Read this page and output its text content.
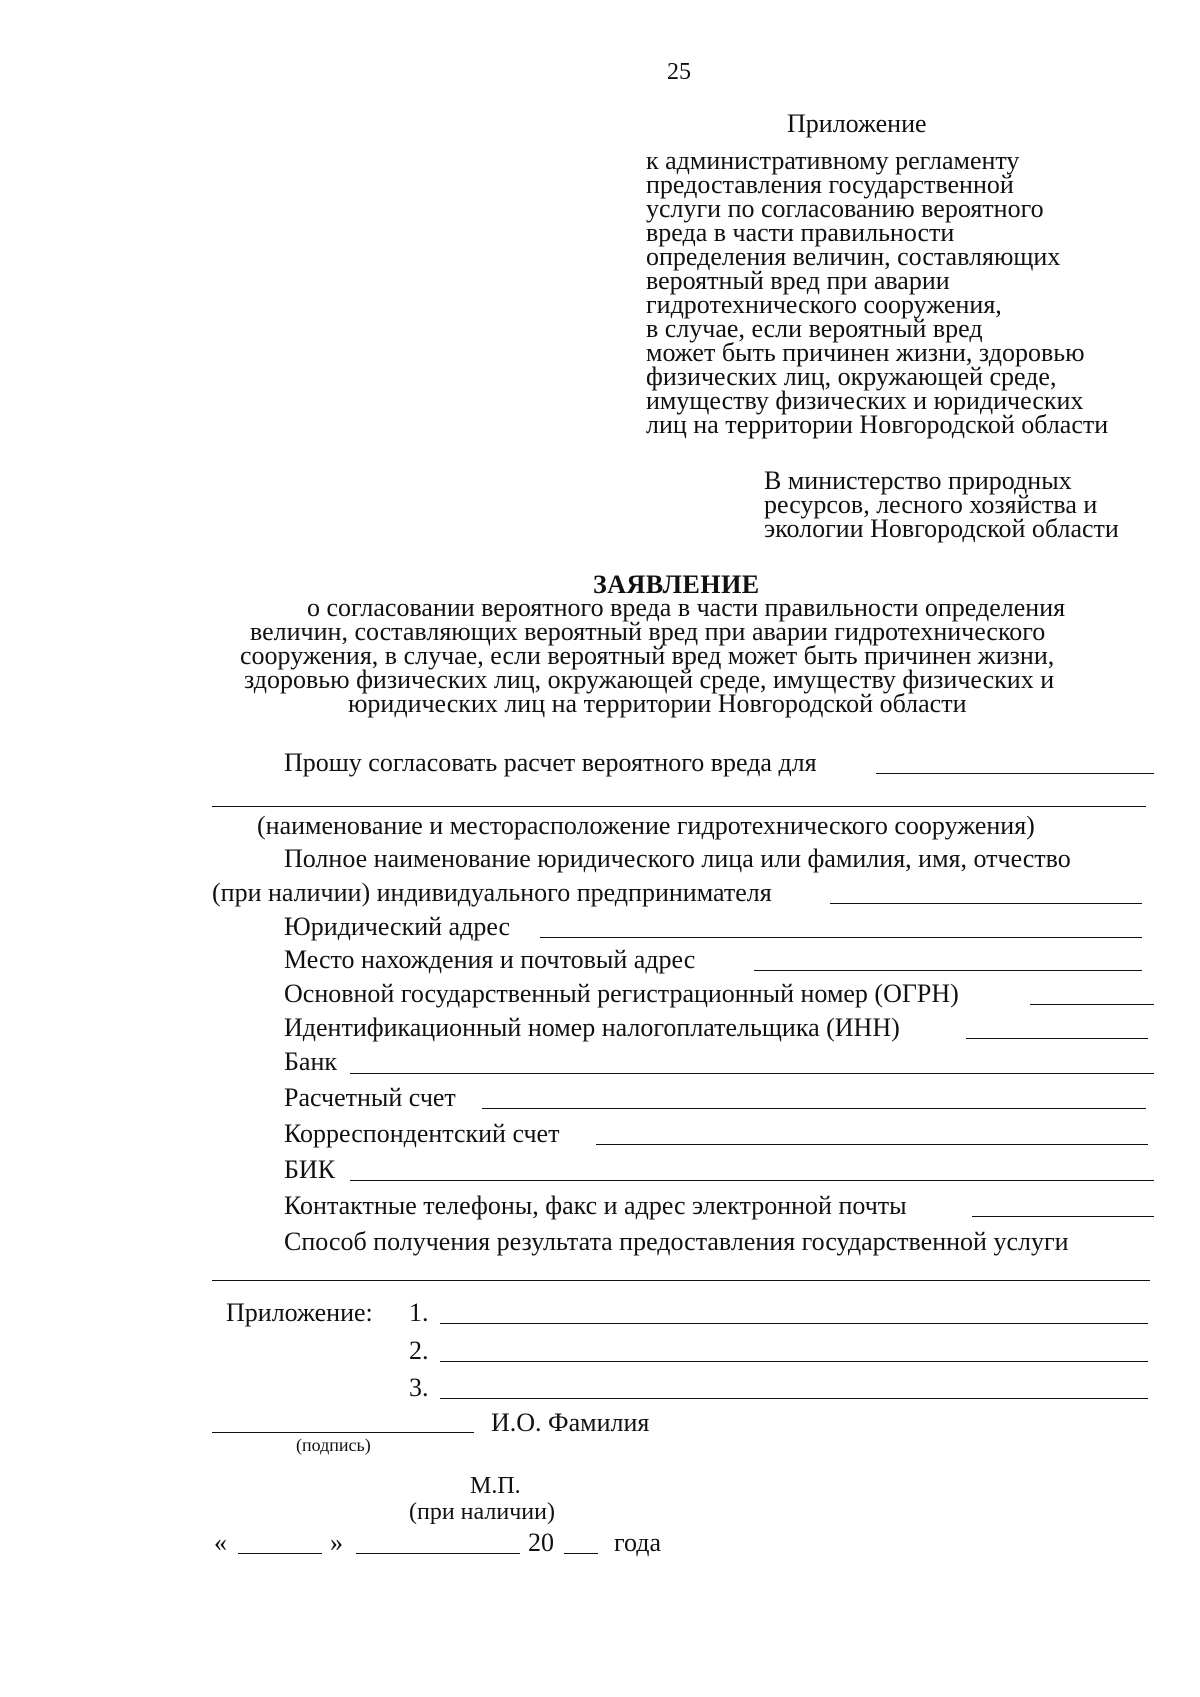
25
Приложение
к административному регламенту
предоставления государственной
услуги по согласованию вероятного
вреда в части правильности
определения величин, составляющих
вероятный вред при аварии
гидротехнического сооружения,
в случае, если вероятный вред
может быть причинен жизни, здоровью
физических лиц, окружающей среде,
имуществу физических и юридических
лиц на территории Новгородской области
В министерство природных
ресурсов, лесного хозяйства и
экологии Новгородской области
ЗАЯВЛЕНИЕ
о согласовании вероятного вреда в части правильности определения
величин, составляющих вероятный вред при аварии гидротехнического
сооружения, в случае, если вероятный вред может быть причинен жизни,
здоровью физических лиц, окружающей среде, имуществу физических и
юридических лиц на территории Новгородской области
Прошу согласовать расчет вероятного вреда для
(наименование и месторасположение гидротехнического сооружения)
Полное наименование юридического лица или фамилия, имя, отчество
(при наличии) индивидуального предпринимателя
Юридический адрес
Место нахождения и почтовый адрес
Основной государственный регистрационный номер (ОГРН)
Идентификационный номер налогоплательщика (ИНН)
Банк
Расчетный счет
Корреспондентский счет
БИК
Контактные телефоны, факс и адрес электронной почты
Способ получения результата предоставления государственной услуги
Приложение: 1.
2.
3.
И.О. Фамилия
(подпись)
М.П.
(при наличии)
«	»	20 года
